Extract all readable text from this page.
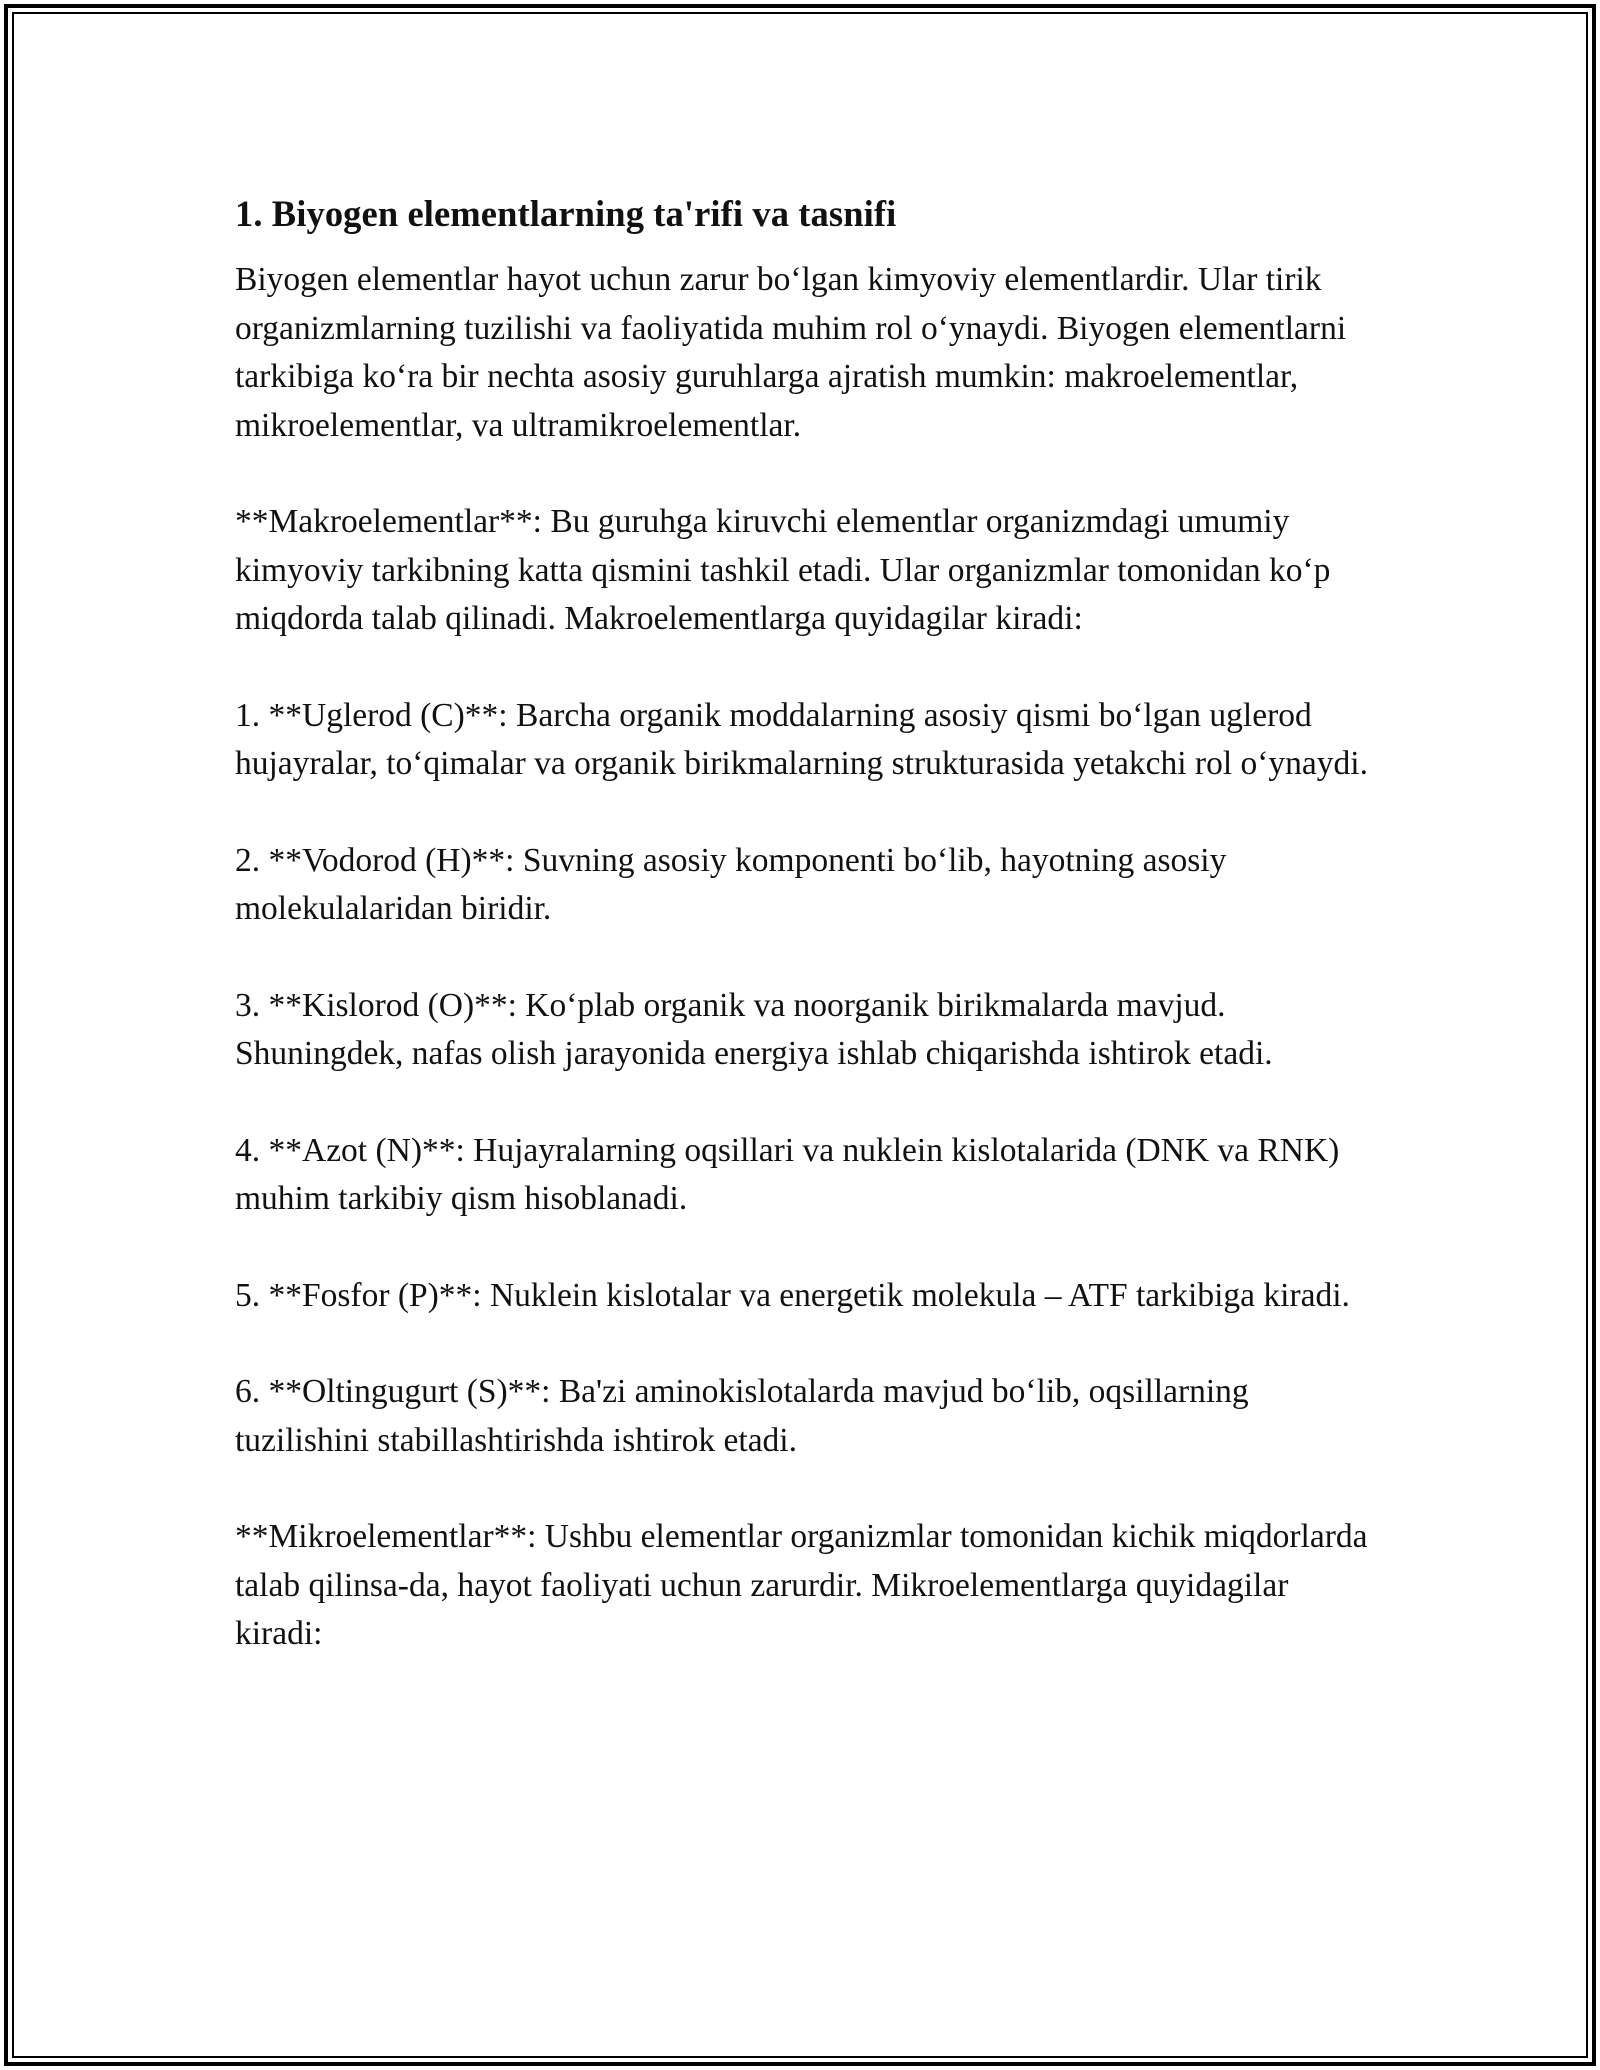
1. Biyogen elementlarning ta'rifi va tasnifi

Biyogen elementlar hayot uchun zarur bo‘lgan kimyoviy elementlardir. Ular tirik organizmlarning tuzilishi va faoliyatida muhim rol o‘ynaydi. Biyogen elementlarni tarkibiga ko‘ra bir nechta asosiy guruhlarga ajratish mumkin: makroelementlar, mikroelementlar, va ultramikroelementlar.

**Makroelementlar**: Bu guruhga kiruvchi elementlar organizmdagi umumiy kimyoviy tarkibning katta qismini tashkil etadi. Ular organizmlar tomonidan ko‘p miqdorda talab qilinadi. Makroelementlarga quyidagilar kiradi:

1. **Uglerod (C)**: Barcha organik moddalarning asosiy qismi bo‘lgan uglerod hujayralar, to‘qimalar va organik birikmalarning strukturasida yetakchi rol o‘ynaydi.

2. **Vodorod (H)**: Suvning asosiy komponenti bo‘lib, hayotning asosiy molekulalaridan biridir.

3. **Kislorod (O)**: Ko‘plab organik va noorganik birikmalarda mavjud. Shuningdek, nafas olish jarayonida energiya ishlab chiqarishda ishtirok etadi.

4. **Azot (N)**: Hujayralarning oqsillari va nuklein kislotalarida (DNK va RNK) muhim tarkibiy qism hisoblanadi.

5. **Fosfor (P)**: Nuklein kislotalar va energetik molekula – ATF tarkibiga kiradi.

6. **Oltingugurt (S)**: Ba'zi aminokislotalarda mavjud bo‘lib, oqsillarning tuzilishini stabillashtirishda ishtirok etadi.

**Mikroelementlar**: Ushbu elementlar organizmlar tomonidan kichik miqdorlarda talab qilinsa-da, hayot faoliyati uchun zarurdir. Mikroelementlarga quyidagilar kiradi:
